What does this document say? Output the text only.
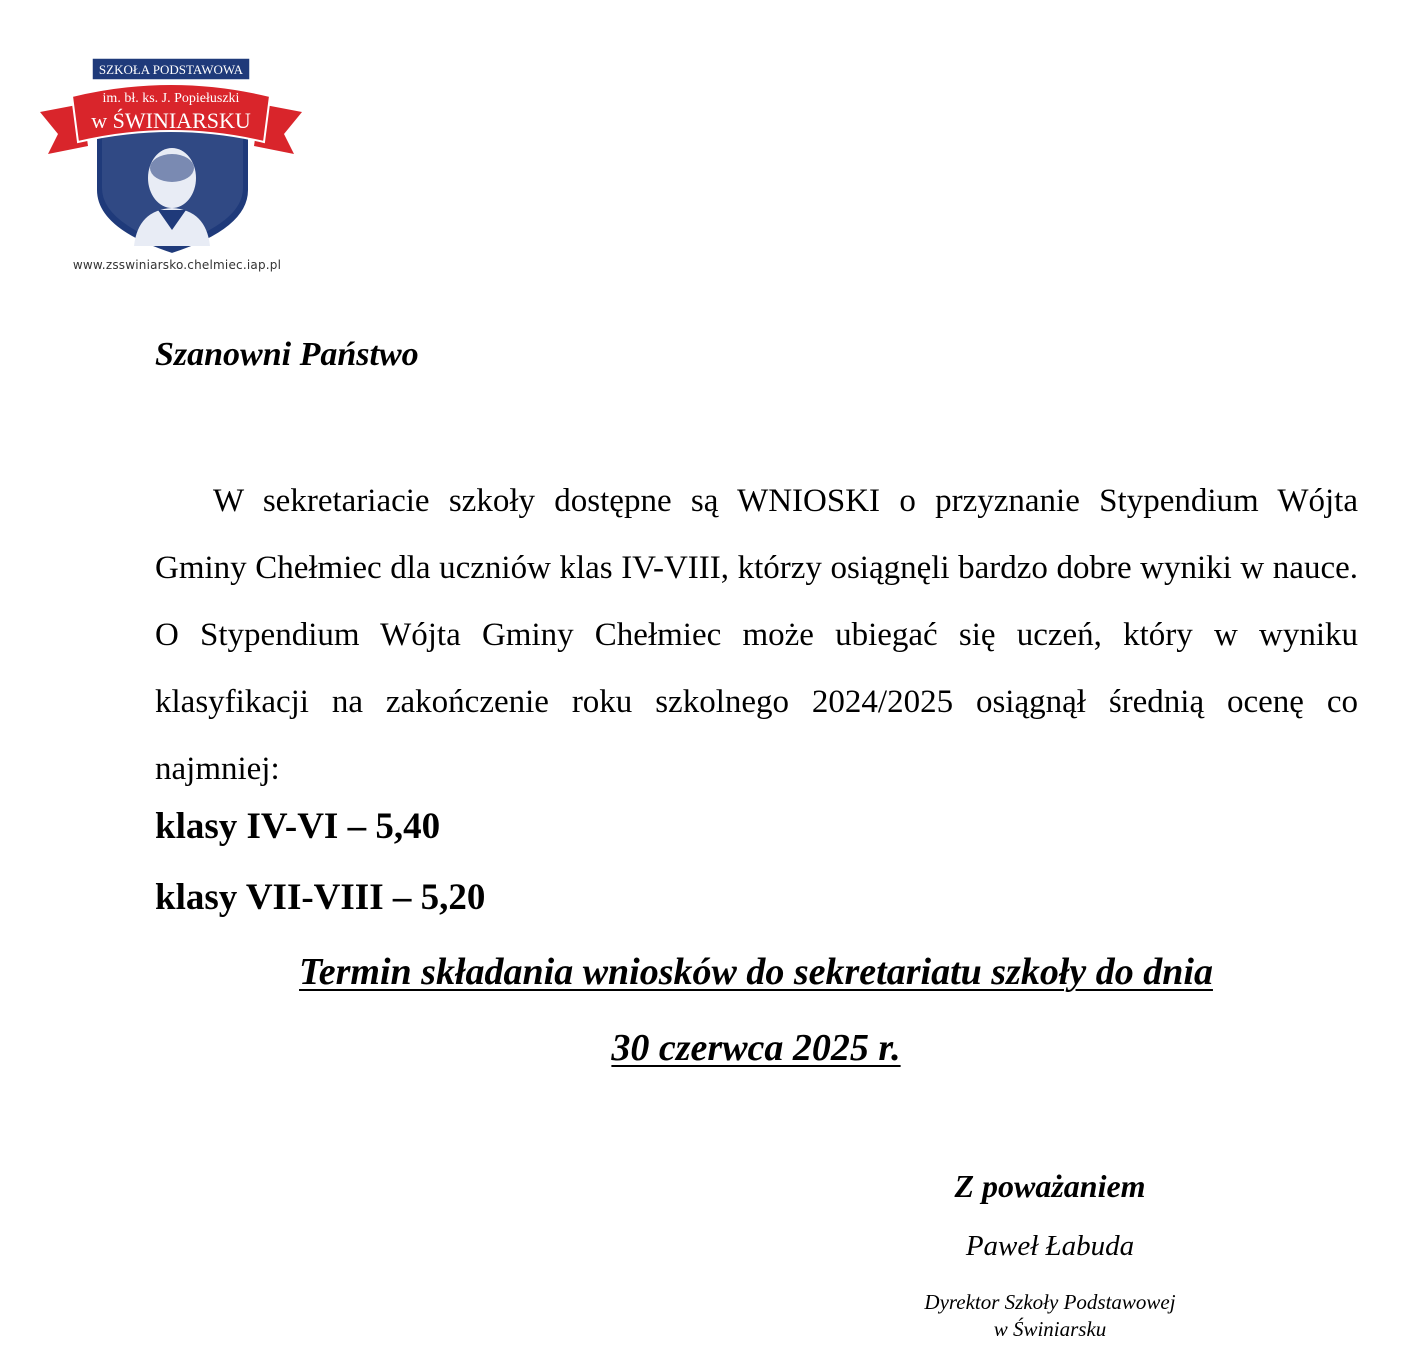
SZKOŁA PODSTAWOWA
im. bł. ks. J. Popiełuszki
w ŚWINIARSKU
www.zsswiniarsko.chelmiec.iap.pl
Szanowni Państwo

W sekretariacie szkoły dostępne są WNIOSKI o przyznanie Stypendium Wójta Gminy Chełmiec dla uczniów klas IV-VIII, którzy osiągnęli bardzo dobre wyniki w nauce. O Stypendium Wójta Gminy Chełmiec może ubiegać się uczeń, który w wyniku klasyfikacji na zakończenie roku szkolnego 2024/2025 osiągnął średnią ocenę co najmniej:

klasy IV-VI – 5,40
klasy VII-VIII – 5,20
Termin składania wniosków do sekretariatu szkoły do dnia
30 czerwca 2025 r.
Z poważaniem
Paweł Łabuda
Dyrektor Szkoły Podstawowej
w Świniarsku
